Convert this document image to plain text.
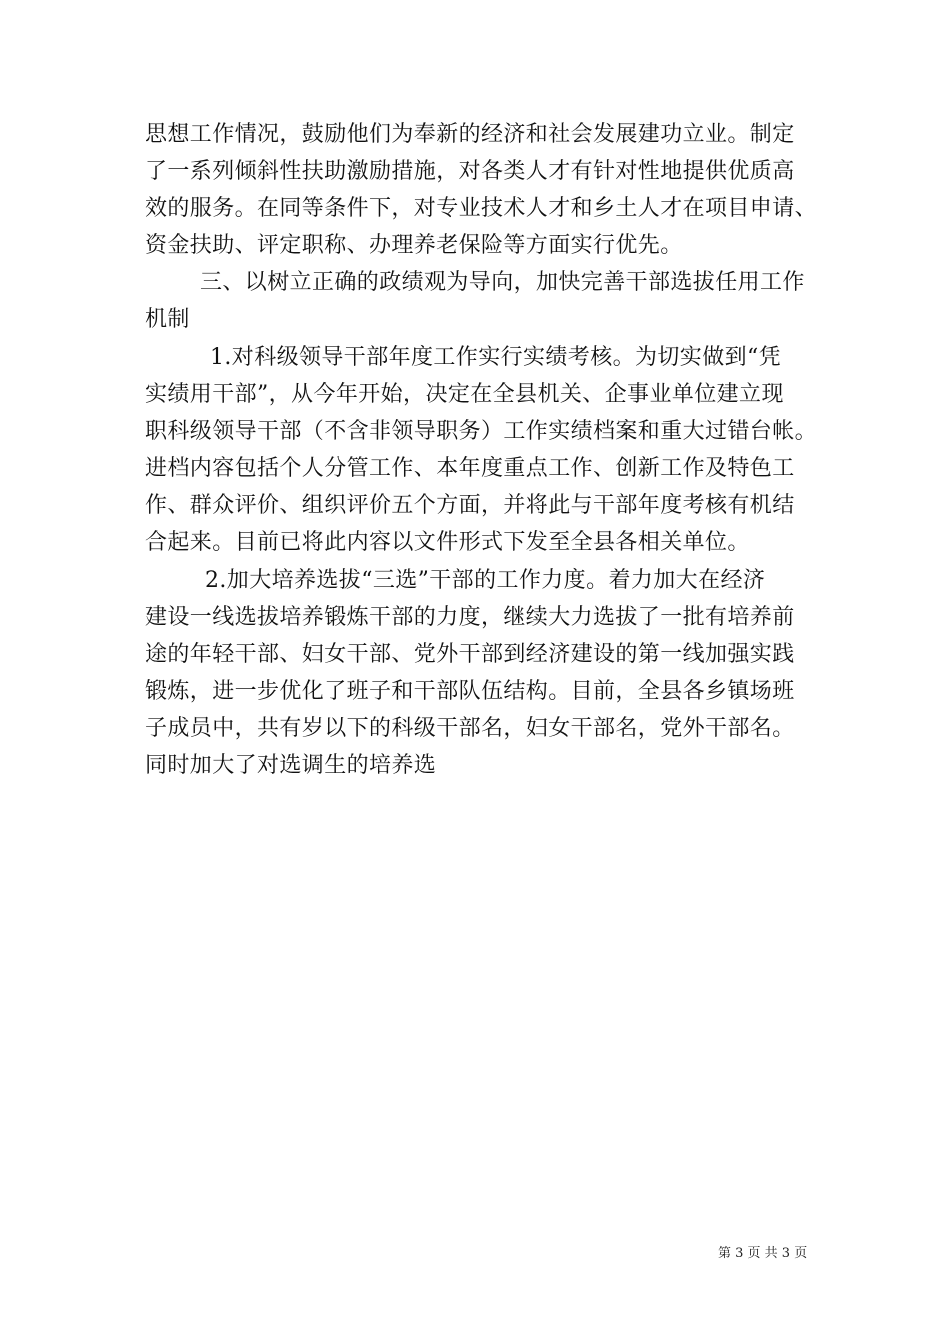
思想工作情况，鼓励他们为奉新的经济和社会发展建功立业。制定
了一系列倾斜性扶助激励措施，对各类人才有针对性地提供优质高
效的服务。在同等条件下，对专业技术人才和乡土人才在项目申请、
资金扶助、评定职称、办理养老保险等方面实行优先。
三、以树立正确的政绩观为导向，加快完善干部选拔任用工作
机制
1.对科级领导干部年度工作实行实绩考核。为切实做到“凭
实绩用干部”，从今年开始，决定在全县机关、企事业单位建立现
职科级领导干部（不含非领导职务）工作实绩档案和重大过错台帐。
进档内容包括个人分管工作、本年度重点工作、创新工作及特色工
作、群众评价、组织评价五个方面，并将此与干部年度考核有机结
合起来。目前已将此内容以文件形式下发至全县各相关单位。
2.加大培养选拔“三选”干部的工作力度。着力加大在经济
建设一线选拔培养锻炼干部的力度，继续大力选拔了一批有培养前
途的年轻干部、妇女干部、党外干部到经济建设的第一线加强实践
锻炼，进一步优化了班子和干部队伍结构。目前，全县各乡镇场班
子成员中，共有岁以下的科级干部名，妇女干部名，党外干部名。
同时加大了对选调生的培养选
第 3 页 共 3 页
